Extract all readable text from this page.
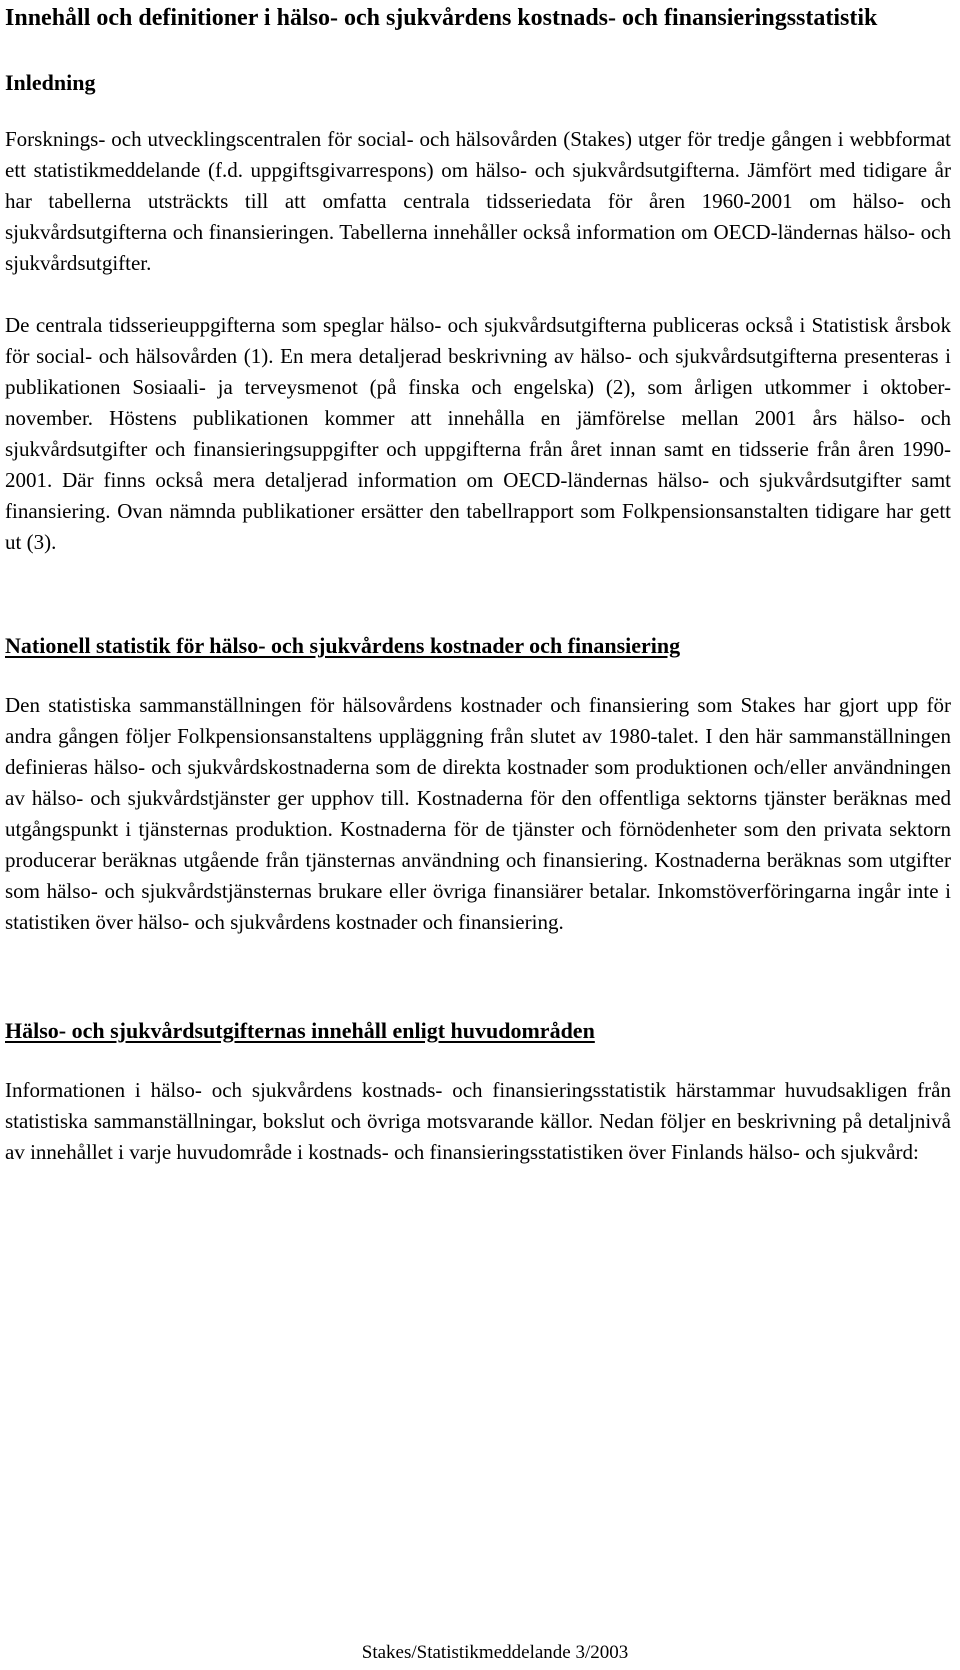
Innehåll och definitioner i hälso- och sjukvårdens kostnads- och finansieringsstatistik
Inledning

Forsknings- och utvecklingscentralen för social- och hälsovården (Stakes) utger för tredje gången i webbformat ett statistikmeddelande (f.d. uppgiftsgivarrespons) om hälso- och sjukvårdsutgifterna. Jämfört med tidigare år har tabellerna utsträckts till att omfatta centrala tidsseriedata för åren 1960-2001 om hälso- och sjukvårdsutgifterna och finansieringen. Tabellerna innehåller också information om OECD-ländernas hälso- och sjukvårdsutgifter.

De centrala tidsserieuppgifterna som speglar hälso- och sjukvårdsutgifterna publiceras också i Statistisk årsbok för social- och hälsovården (1). En mera detaljerad beskrivning av hälso- och sjukvårdsutgifterna presenteras i publikationen Sosiaali- ja terveysmenot (på finska och engelska) (2), som årligen utkommer i oktober-november. Höstens publikationen kommer att innehålla en jämförelse mellan 2001 års hälso- och sjukvårdsutgifter och finansieringsuppgifter och uppgifterna från året innan samt en tidsserie från åren 1990-2001. Där finns också mera detaljerad information om OECD-ländernas hälso- och sjukvårdsutgifter samt finansiering. Ovan nämnda publikationer ersätter den tabellrapport som Folkpensionsanstalten tidigare har gett ut (3).

Nationell statistik för hälso- och sjukvårdens kostnader och finansiering

Den statistiska sammanställningen för hälsovårdens kostnader och finansiering som Stakes har gjort upp för andra gången följer Folkpensionsanstaltens uppläggning från slutet av 1980-talet. I den här sammanställningen definieras hälso- och sjukvårdskostnaderna som de direkta kostnader som produktionen och/eller användningen av hälso- och sjukvårdstjänster ger upphov till. Kostnaderna för den offentliga sektorns tjänster beräknas med utgångspunkt i tjänsternas produktion. Kostnaderna för de tjänster och förnödenheter som den privata sektorn producerar beräknas utgående från tjänsternas användning och finansiering. Kostnaderna beräknas som utgifter som hälso- och sjukvårdstjänsternas brukare eller övriga finansiärer betalar. Inkomstöverföringarna ingår inte i statistiken över hälso- och sjukvårdens kostnader och finansiering.

Hälso- och sjukvårdsutgifternas innehåll enligt huvudområden

Informationen i hälso- och sjukvårdens kostnads- och finansieringsstatistik härstammar huvudsakligen från statistiska sammanställningar, bokslut och övriga motsvarande källor. Nedan följer en beskrivning på detaljnivå av innehållet i varje huvudområde i kostnads- och finansieringsstatistiken över Finlands hälso- och sjukvård:

Stakes/Statistikmeddelande 3/2003
